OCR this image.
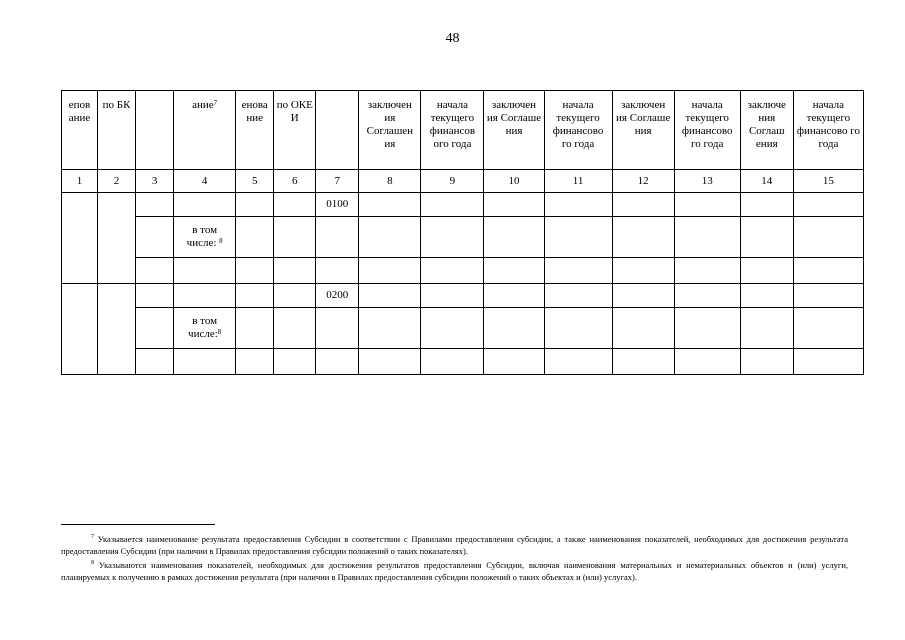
48
епов ание	по БК		ание$^7$	енова ние	по ОКЕ И		заключен ия Соглашен ия	начала текущего финансов ого года	заключен ия Соглаше ния	начала текущего финансово го года	заключен ия Соглаше ния	начала текущего финансово го года	заключе ния Соглаш ения	начала текущего финансово го года
1	2	3	4	5	6	7	8	9	10	11	12	13	14	15
						0100								
			в том числе: $^8$											

						0200								
			в том числе:$^8$											

$^7$ Указывается наименование результата предоставления Субсидии в соответствии с Правилами предоставления субсидии, а также наименования показателей, необходимых для достижения результата предоставления Субсидии (при наличии в Правилах предоставления субсидии положений о таких показателях).

$^8$ Указываются наименования показателей, необходимых для достижения результатов предоставления Субсидии, включая наименования материальных и нематериальных объектов и (или) услуги, планируемых к получению в рамках достижения результата (при наличии в Правилах предоставления субсидии положений о таких объектах и (или) услугах).
